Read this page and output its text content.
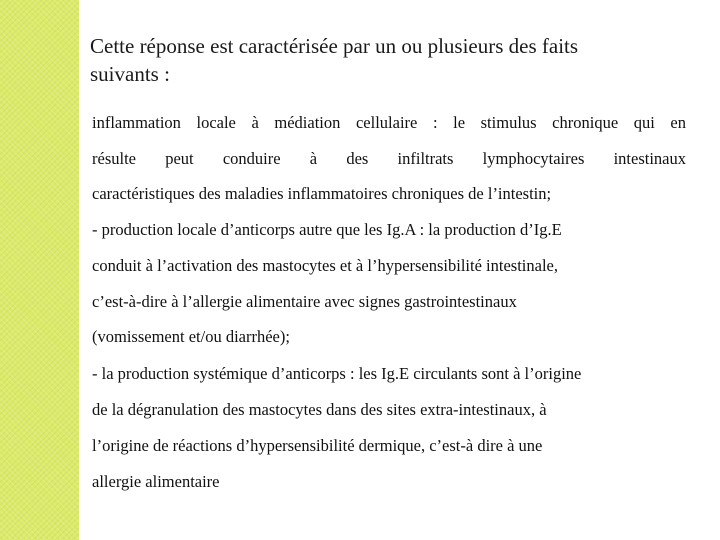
Cette réponse est caractérisée par un ou plusieurs des faits
suivants :
inflammation locale à médiation cellulaire : le stimulus chronique qui en
résulte peut conduire à des infiltrats lymphocytaires intestinaux
caractéristiques des maladies inflammatoires chroniques de l’intestin;
- production locale d’anticorps autre que les Ig.A : la production d’Ig.E
conduit à l’activation des mastocytes et à l’hypersensibilité intestinale,
c’est-à-dire à l’allergie alimentaire avec signes gastrointestinaux
(vomissement et/ou diarrhée);
- la production systémique d’anticorps : les Ig.E circulants sont à l’origine
de la dégranulation des mastocytes dans des sites extra-intestinaux, à
l’origine de réactions d’hypersensibilité dermique, c’est-à dire à une
allergie alimentaire
